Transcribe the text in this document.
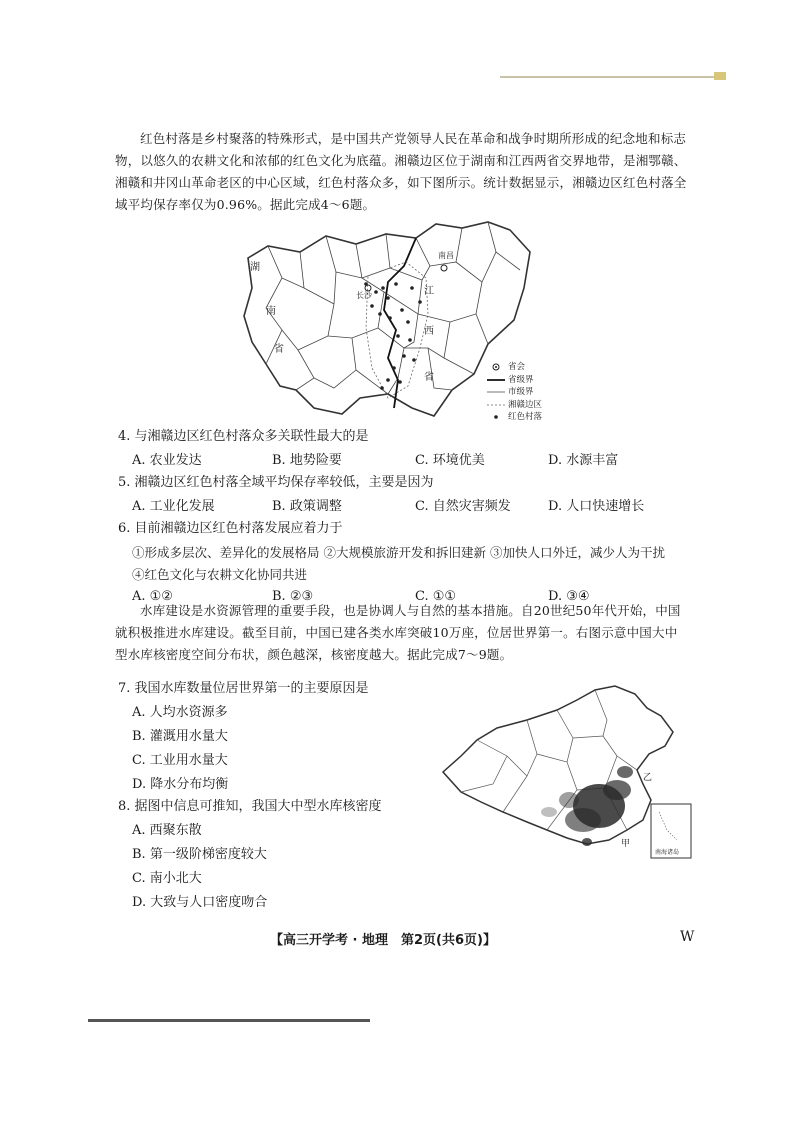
红色村落是乡村聚落的特殊形式，是中国共产党领导人民在革命和战争时期所形成的纪念地和标志物，以悠久的农耕文化和浓郁的红色文化为底蕴。湘赣边区位于湖南和江西两省交界地带，是湘鄂赣、湘赣和井冈山革命老区的中心区域，红色村落众多，如下图所示。统计数据显示，湘赣边区红色村落全域平均保存率仅为0.96%。据此完成4～6题。

湖
南
省
江
西
省
南昌
长沙
省会
省级界
市级界
湘赣边区
红色村落

4. 与湘赣边区红色村落众多关联性最大的是

A. 农业发达	B. 地势险要	C. 环境优美	D. 水源丰富

5. 湘赣边区红色村落全域平均保存率较低，主要是因为

A. 工业化发展	B. 政策调整	C. 自然灾害频发	D. 人口快速增长

6. 目前湘赣边区红色村落发展应着力于

①形成多层次、差异化的发展格局 ②大规模旅游开发和拆旧建新 ③加快人口外迁，减少人为干扰
④红色文化与农耕文化协同共进
A. ①②	B. ②③	C. ①①	D. ③④

水库建设是水资源管理的重要手段，也是协调人与自然的基本措施。自20世纪50年代开始，中国就积极推进水库建设。截至目前，中国已建各类水库突破10万座，位居世界第一。右图示意中国大中型水库核密度空间分布状，颜色越深，核密度越大。据此完成7～9题。

7. 我国水库数量位居世界第一的主要原因是

A. 人均水资源多
B. 灌溉用水量大
C. 工业用水量大
D. 降水分布均衡

8. 据图中信息可推知，我国大中型水库核密度

A. 西聚东散
B. 第一级阶梯密度较大
C. 南小北大
D. 大致与人口密度吻合
乙
甲
南海诸岛
【高三开学考 · 地理　第2页(共6页)】	W
